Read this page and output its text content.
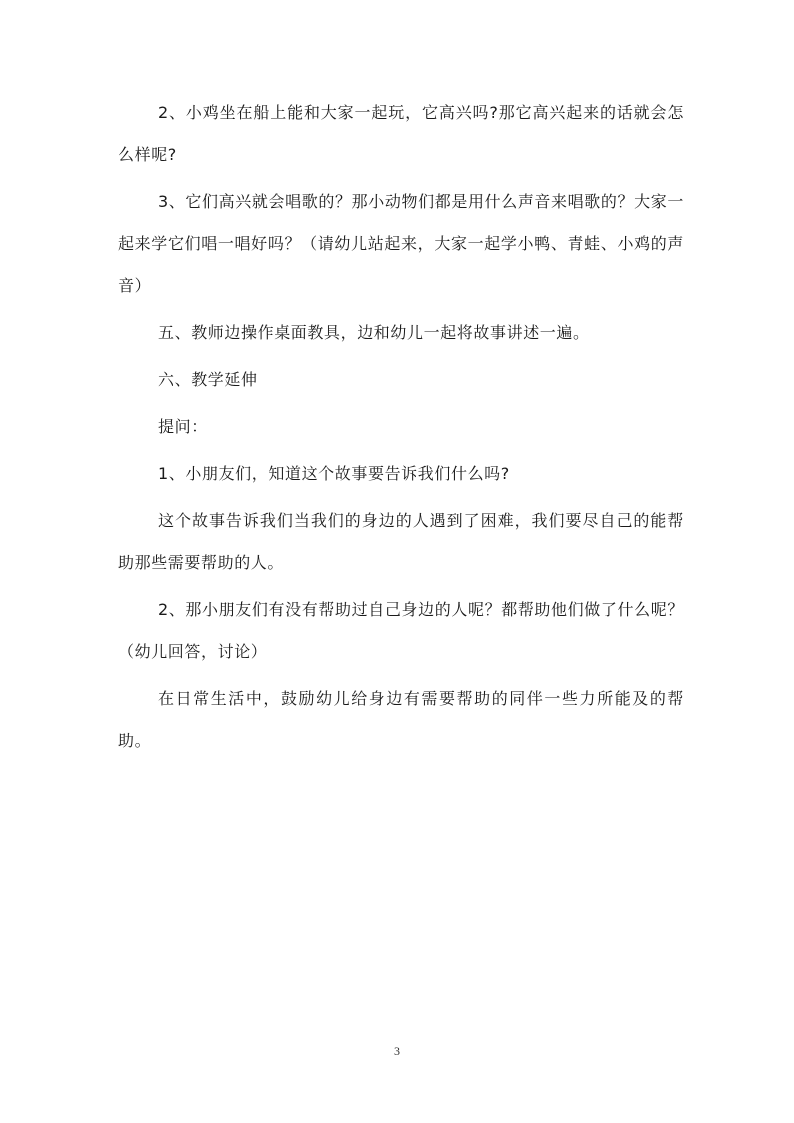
2、小鸡坐在船上能和大家一起玩，它高兴吗?那它高兴起来的话就会怎么样呢?

3、它们高兴就会唱歌的？那小动物们都是用什么声音来唱歌的？大家一起来学它们唱一唱好吗？（请幼儿站起来，大家一起学小鸭、青蛙、小鸡的声音）

五、教师边操作桌面教具，边和幼儿一起将故事讲述一遍。

六、教学延伸

提问：

1、小朋友们，知道这个故事要告诉我们什么吗?

这个故事告诉我们当我们的身边的人遇到了困难，我们要尽自己的能帮助那些需要帮助的人。

2、那小朋友们有没有帮助过自己身边的人呢？都帮助他们做了什么呢？（幼儿回答，讨论）

在日常生活中，鼓励幼儿给身边有需要帮助的同伴一些力所能及的帮助。

3
